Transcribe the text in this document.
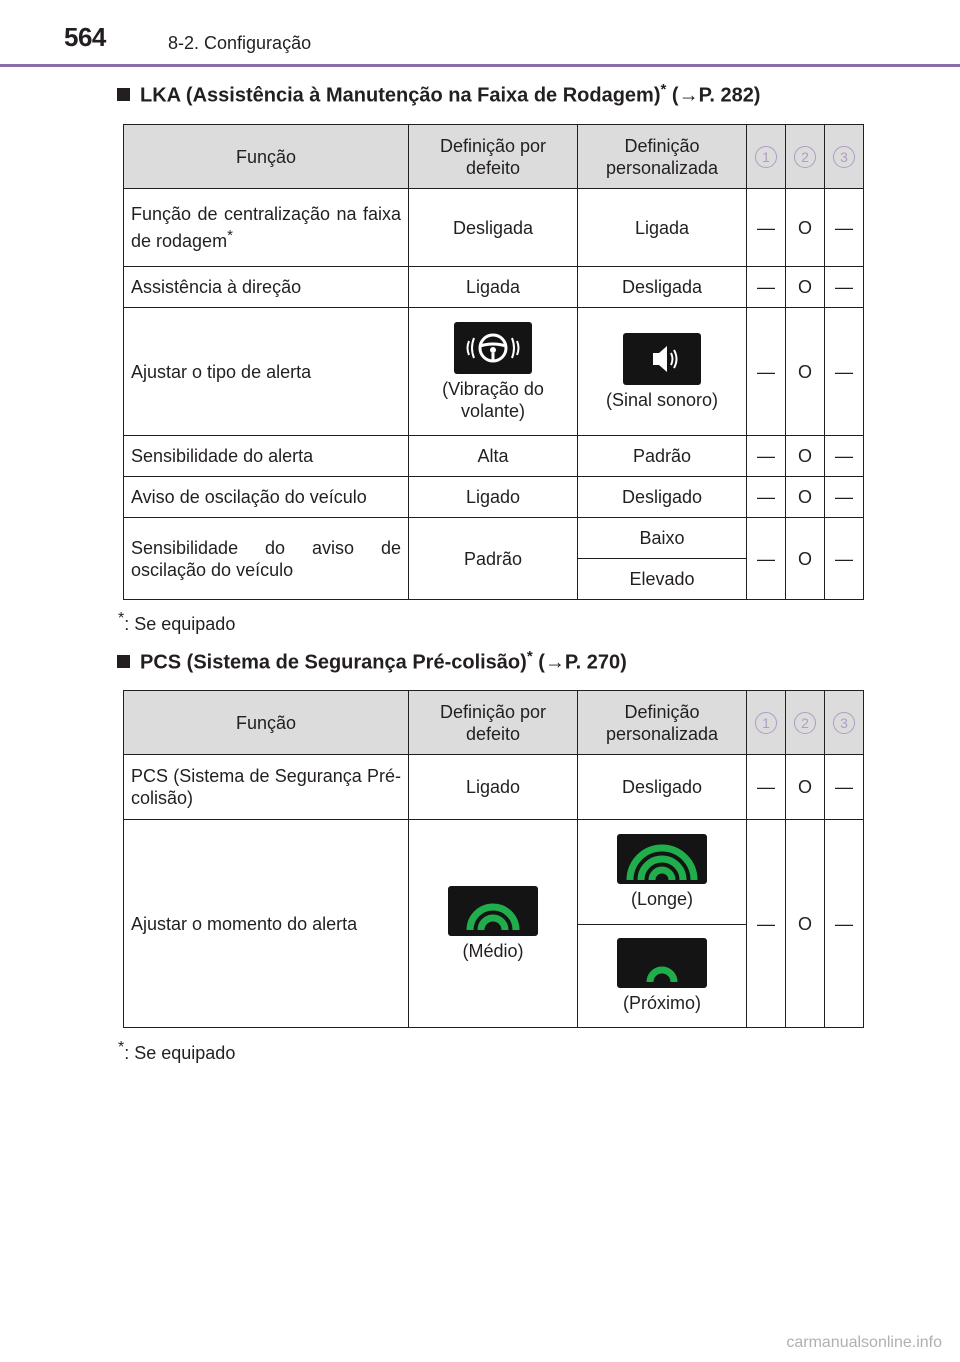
564	8-2. Configuração
LKA (Assistência à Manutenção na Faixa de Rodagem)* (→P. 282)
Função	Definição por defeito	Definição personalizada	1	2	3
Função de centralização na faixa de rodagem*	Desligada	Ligada	—	O	—
Assistência à direção	Ligada	Desligada	—	O	—
Ajustar o tipo de alerta	(Vibração do volante)	(Sinal sonoro)	—	O	—
Sensibilidade do alerta	Alta	Padrão	—	O	—
Aviso de oscilação do veículo	Ligado	Desligado	—	O	—
Sensibilidade do aviso de oscilação do veículo	Padrão	Baixo	—	O	—
		Elevado			
*: Se equipado
PCS (Sistema de Segurança Pré-colisão)* (→P. 270)
Função	Definição por defeito	Definição personalizada	1	2	3
PCS (Sistema de Segurança Pré-colisão)	Ligado	Desligado	—	O	—
Ajustar o momento do alerta	(Médio)	(Longe)	—	O	—

		(Próximo)			
*: Se equipado
carmanualsonline.info
